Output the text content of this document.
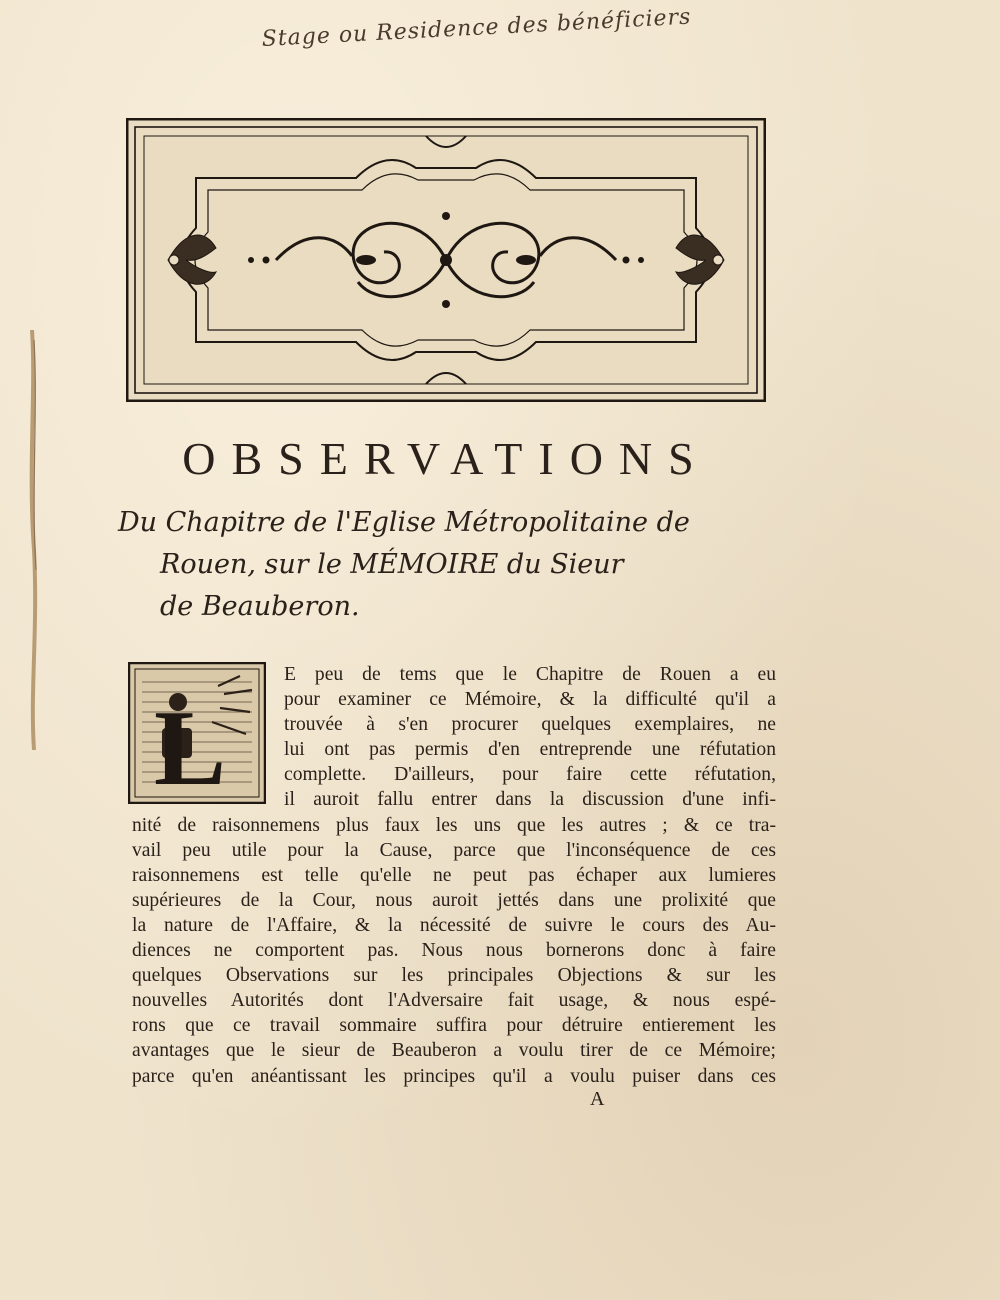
Stage ou Residence des bénéficiers
OBSERVATIONS
Du Chapitre de l'Eglise Métropolitaine de
Rouen, sur le MÉMOIRE du Sieur
de Beauberon.
L
E peu de tems que le Chapitre de Rouen a eu
pour examiner ce Mémoire, & la difficulté qu'il a
trouvée à s'en procurer quelques exemplaires, ne
lui ont pas permis d'en entreprende une réfutation
complette. D'ailleurs, pour faire cette réfutation,
il auroit fallu entrer dans la discussion d'une infi-
nité de raisonnemens plus faux les uns que les autres ; & ce tra-
vail peu utile pour la Cause, parce que l'inconséquence de ces
raisonnemens est telle qu'elle ne peut pas échaper aux lumieres
supérieures de la Cour, nous auroit jettés dans une prolixité que
la nature de l'Affaire, & la nécessité de suivre le cours des Au-
diences ne comportent pas. Nous nous bornerons donc à faire
quelques Observations sur les principales Objections & sur les
nouvelles Autorités dont l'Adversaire fait usage, & nous espé-
rons que ce travail sommaire suffira pour détruire entierement les
avantages que le sieur de Beauberon a voulu tirer de ce Mémoire;
parce qu'en anéantissant les principes qu'il a voulu puiser dans ces
A
